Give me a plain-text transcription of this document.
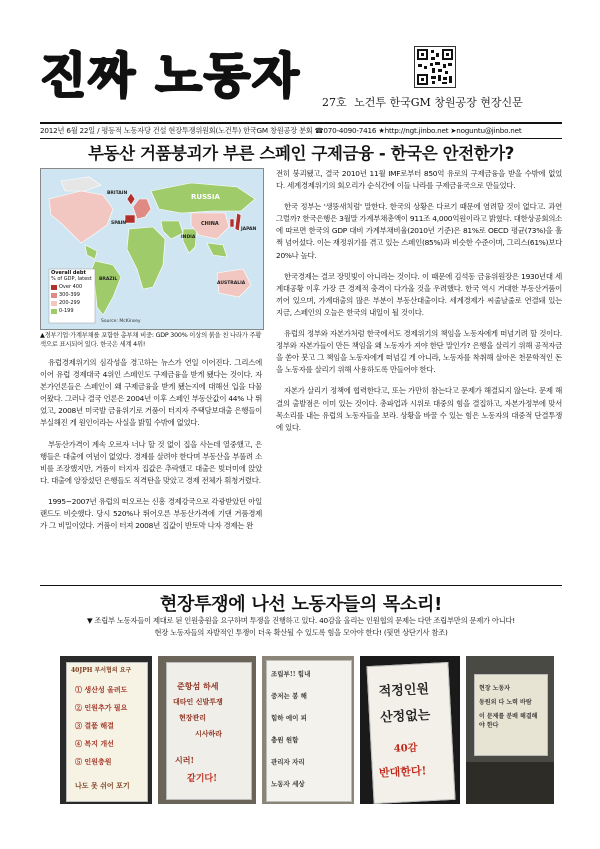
진짜 노동자 27호 노건투 한국GM 창원공장 현장신문
2012년 6월 22일 / 평등적 노동자당 건설 현장투쟁위원회(노건투) 한국GM 창원공장 분회 ☎070-4090-7416 ★http://ngt.jinbo.net ➤noguntu@jinbo.net
부동산 거품붕괴가 부른 스페인 구제금융 - 한국은 안전한가?
Overall debt
% of GDP, latest
Over 400
300-399
200-299
0-199
Source: McKinsey
BRITAIN
SPAIN
RUSSIA
CHINA
JAPAN
BRAZIL
AUSTRALIA
INDIA
▲경부기업·가계부채를 포함한 총부채 비중: GDP 300% 이상의 붉을 친 나라가 주황색으로 표시되어 있다. 한국은 세계 4위!

유럽경제위기의 심각성을 경고하는 뉴스가 연일 이어진다. 그리스에 이어 유럽 경제대국 4위인 스페인도 구제금융을 받게 됐다는 것이다. 자본가언론들은 스페인이 왜 구제금융을 받게 됐는지에 대해선 입을 다물어왔다. 그러나 결국 언론은 2004년 이후 스페인 부동산값이 44% 나 뛰었고, 2008년 미국발 금융위기로 거품이 터지자 주택담보대출 은행들이 부실해진 게 원인이라는 사실을 밝힐 수밖에 없었다.

부동산가격이 계속 오르자 너나 할 것 없이 집을 사는데 열중했고, 은행들은 대출에 여념이 없었다. 경제를 살려야 한다며 부동산을 부풀려 소비를 조장했지만, 거품이 터지자 집값은 추락했고 대출은 빚더미에 앉았다. 대출에 앙장섰던 은행들도 직격탄을 맞았고 경제 전체가 휘청거렸다.

1995~2007년 유럽의 떠오르는 신흥 경제강국으로 각광받았던 아일랜드도 비슷했다. 당시 520%나 뛰어오른 부동산가격에 기댄 거품경제가 그 비밀이었다. 거품이 터져 2008년 집값이 반토막 나자 경제는 완

전히 붕괴됐고, 결국 2010년 11월 IMF로부터 850억 유로의 구제금융을 받을 수밖에 없었다. 세계경제위기의 회오리가 순식간에 이들 나라를 구제금융국으로 만들었다.

한국 정부는 '생뚱새치럼' 말한다. 한국의 상황은 다르기 때문에 염려할 것이 없다고. 과연 그럴까? 한국은행은 3월말 가계부채총액이 911조 4,000억원이라고 밝혔다. 대한상공회의소에 따르면 한국의 GDP 대비 가계부채비율(2010년 기준)은 81%로 OECD 평균(73%)을 훌쩍 넘어섰다. 이는 재정위기를 겪고 있는 스페인(85%)과 비슷한 수준이며, 그리스(61%)보다 20%나 높다.

한국경제는 결코 장밋빛이 아니라는 것이다. 이 때문에 김석동 금융위원장은 1930년대 세계대공황 이후 가장 큰 경제적 충격이 다가올 것을 우려했다. 한국 역시 거대한 부동산거품이 끼어 있으며, 가계대출의 많은 부분이 부동산대출이다. 세계경제가 씨줄날줄로 연결돼 있는 지금, 스페인의 오늘은 한국의 내일이 될 것이다.

유럽의 정부와 자본가처럼 한국에서도 경제위기의 책임을 노동자에게 떠넘기려 할 것이다. 정부와 자본가들이 만든 책임을 왜 노동자가 져야 한단 말인가? 은행을 살리기 위해 공적자금을 쏟아 붓고 그 책임을 노동자에게 떠넘길 게 아니라, 노동자를 착취해 살아온 천문학적인 돈을 노동자를 살리기 위해 사용하도록 만들어야 한다.

자본가 살리기 정책에 협력한다고, 또는 가만히 참는다고 문제가 해결되지 않는다. 문제 해결의 출발점은 이미 있는 것이다. 총파업과 시위로 대중의 힘을 결집하고, 자본가정부에 맞서 목소리를 내는 유럽의 노동자들을 보라. 상황을 바꿀 수 있는 힘은 노동자의 대중적 단결투쟁에 있다.

현장투쟁에 나선 노동자들의 목소리!
▼ 조립부 노동자들이 제대로 된 인원충원을 요구하며 투쟁을 진행하고 있다. 40감을 올리는 인원협의 문제는 다만 조립부만의 문제가 아니다!
현장 노동자들의 자발적인 투쟁이 더욱 확산될 수 있도록 힘을 모아야 한다! (뒷면 상단기사 참조)
40JPH 부서협의 요구
① 생산성 올려도
② 인원추가 필요
③ 결품 해결
④ 복지 개선
⑤ 인원충원
나도 못 쉬어 포기
준항섬 하세
대타인 신발투쟁
현장관리
시사하라
시러!
같기다!
조립부!! 힘내
중저는 봉 해
힘하 에이 피
충원 원함
관리자 자리
노동자 세상
적정인원
산정없는
40감
반대한다!
현장 노동자
동원외 다 노력 바람
이 문제를 분배 해결해야 한다
